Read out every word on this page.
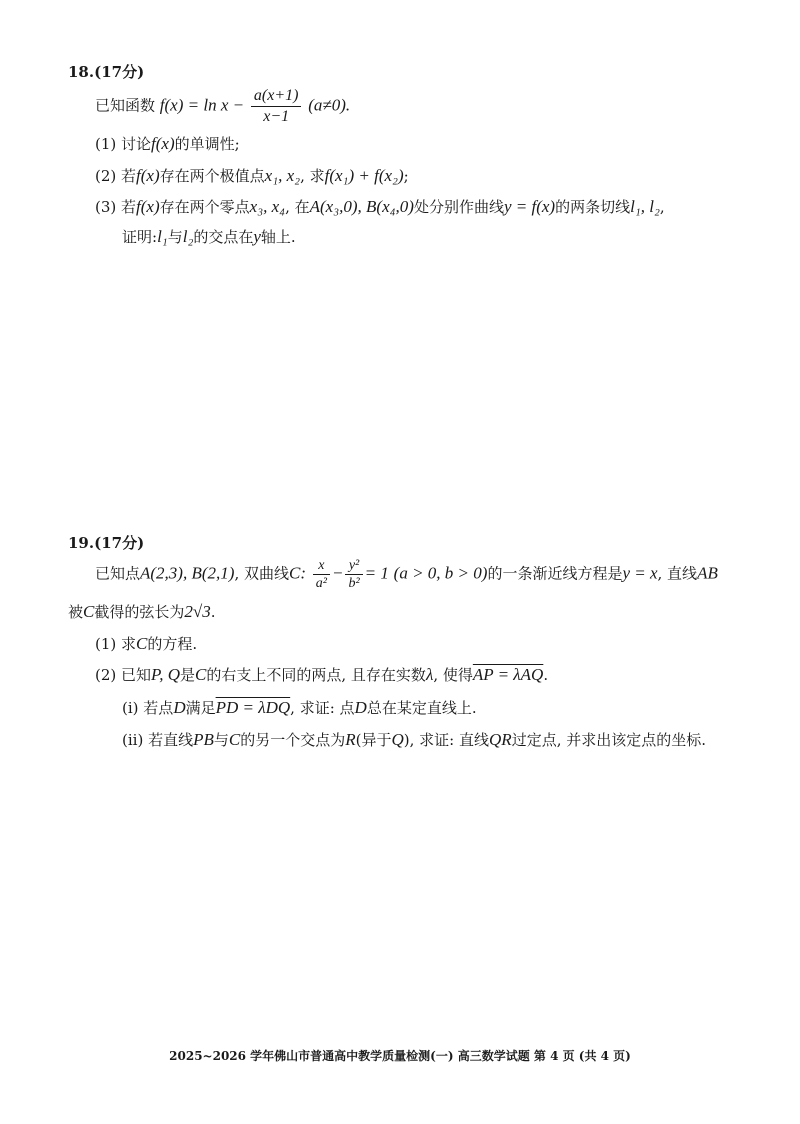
18.(17分)
已知函数 $f(x) = \ln x - \frac{a(x+1)}{x-1} (a\ne 0)$.
(1) 讨论f(x)的单调性;
(2) 若f(x)存在两个极值点x₁, x₂, 求f(x₁) + f(x₂);
(3) 若f(x)存在两个零点x₃, x₄, 在A(x₃,0), B(x₄,0)处分别作曲线y = f(x)的两条切线l₁, l₂,
证明:l₁与l₂的交点在y轴上.
19.(17分)
已知点A(2,3), B(2,1), 双曲线C: $\frac{x}{\text{a²}} - \frac{\text{y²}}{\text{b²}} = 1$ (a > 0, b > 0)的一条渐近线方程是y = x, 直线AB
被C截得的弦长为2√3.
(1) 求C的方程.
(2) 已知P, Q是C的右支上不同的两点, 且存在实数λ, 使得AP = λAQ.
(ⅰ) 若点D满足PD = λDQ, 求证: 点D总在某定直线上.
(ⅱ) 若直线PB与C的另一个交点为R(异于Q), 求证: 直线QR过定点, 并求出该定点的坐标.
2025~2026 学年佛山市普通高中教学质量检测(一) 高三数学试题 第 4 页 (共 4 页)
